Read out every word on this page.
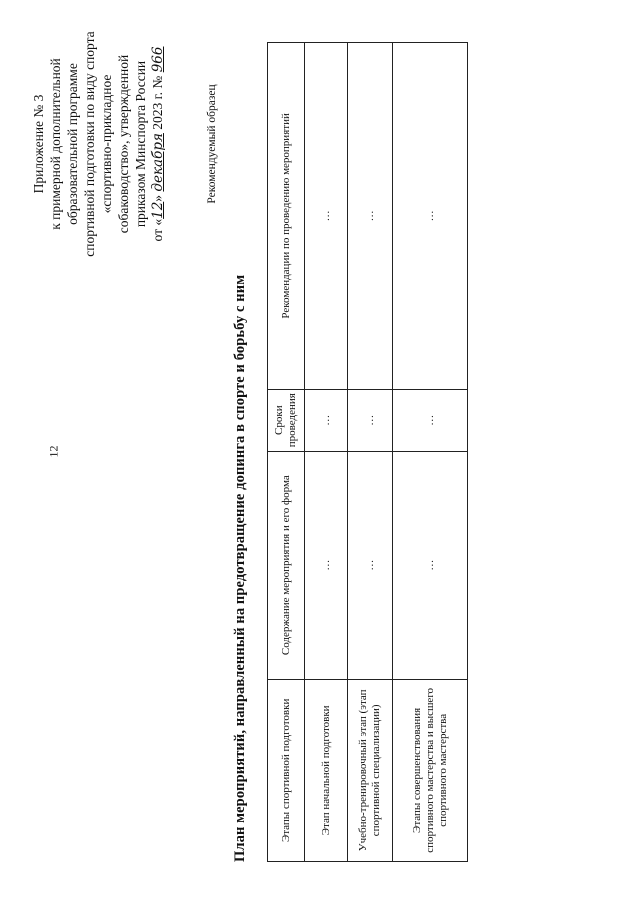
12
Приложение № 3 к примерной дополнительной образовательной программе спортивной подготовки по виду спорта «спортивно-прикладное собаководство», утвержденной приказом Минспорта России
от «12» декабря 2023 г. № 966
Рекомендуемый образец
План мероприятий, направленный на предотвращение допинга в спорте и борьбу с ним	Этапы спортивной подготовки	Содержание мероприятия и его форма	Сроки проведения	Рекомендации по проведению мероприятий
Этап начальной подготовки	…	…	…
Учебно-тренировочный этап (этап спортивной специализации)	…	…	…
Этапы совершенствования спортивного мастерства и высшего спортивного мастерства	…	…	…
